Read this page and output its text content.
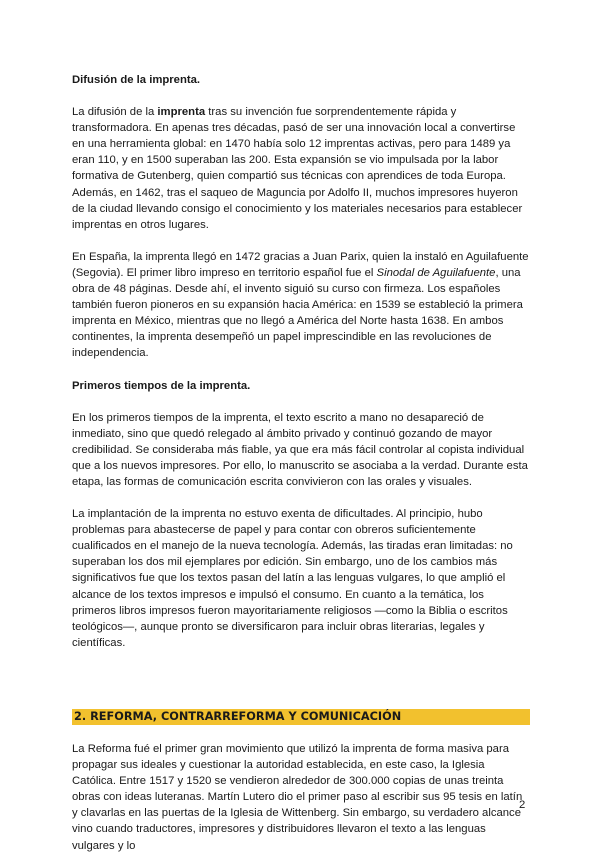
Difusión de la imprenta.

La difusión de la imprenta tras su invención fue sorprendentemente rápida y transformadora. En apenas tres décadas, pasó de ser una innovación local a convertirse en una herramienta global: en 1470 había solo 12 imprentas activas, pero para 1489 ya eran 110, y en 1500 superaban las 200. Esta expansión se vio impulsada por la labor formativa de Gutenberg, quien compartió sus técnicas con aprendices de toda Europa. Además, en 1462, tras el saqueo de Maguncia por Adolfo II, muchos impresores huyeron de la ciudad llevando consigo el conocimiento y los materiales necesarios para establecer imprentas en otros lugares.

En España, la imprenta llegó en 1472 gracias a Juan Parix, quien la instaló en Aguilafuente (Segovia). El primer libro impreso en territorio español fue el Sinodal de Aguilafuente, una obra de 48 páginas. Desde ahí, el invento siguió su curso con firmeza. Los españoles también fueron pioneros en su expansión hacia América: en 1539 se estableció la primera imprenta en México, mientras que no llegó a América del Norte hasta 1638. En ambos continentes, la imprenta desempeñó un papel imprescindible en las revoluciones de independencia.

Primeros tiempos de la imprenta.

En los primeros tiempos de la imprenta, el texto escrito a mano no desapareció de inmediato, sino que quedó relegado al ámbito privado y continuó gozando de mayor credibilidad. Se consideraba más fiable, ya que era más fácil controlar al copista individual que a los nuevos impresores. Por ello, lo manuscrito se asociaba a la verdad. Durante esta etapa, las formas de comunicación escrita convivieron con las orales y visuales.

La implantación de la imprenta no estuvo exenta de dificultades. Al principio, hubo problemas para abastecerse de papel y para contar con obreros suficientemente cualificados en el manejo de la nueva tecnología. Además, las tiradas eran limitadas: no superaban los dos mil ejemplares por edición. Sin embargo, uno de los cambios más significativos fue que los textos pasan del latín a las lenguas vulgares, lo que amplió el alcance de los textos impresos e impulsó el consumo. En cuanto a la temática, los primeros libros impresos fueron mayoritariamente religiosos —como la Biblia o escritos teológicos—, aunque pronto se diversificaron para incluir obras literarias, legales y científicas.

2. REFORMA, CONTRARREFORMA Y COMUNICACIÓN

La Reforma fué el primer gran movimiento que utilizó la imprenta de forma masiva para propagar sus ideales y cuestionar la autoridad establecida, en este caso, la Iglesia Católica. Entre 1517 y 1520 se vendieron alrededor de 300.000 copias de unas treinta obras con ideas luteranas. Martín Lutero dio el primer paso al escribir sus 95 tesis en latín y clavarlas en las puertas de la Iglesia de Wittenberg. Sin embargo, su verdadero alcance vino cuando traductores, impresores y distribuidores llevaron el texto a las lenguas vulgares y lo

2
